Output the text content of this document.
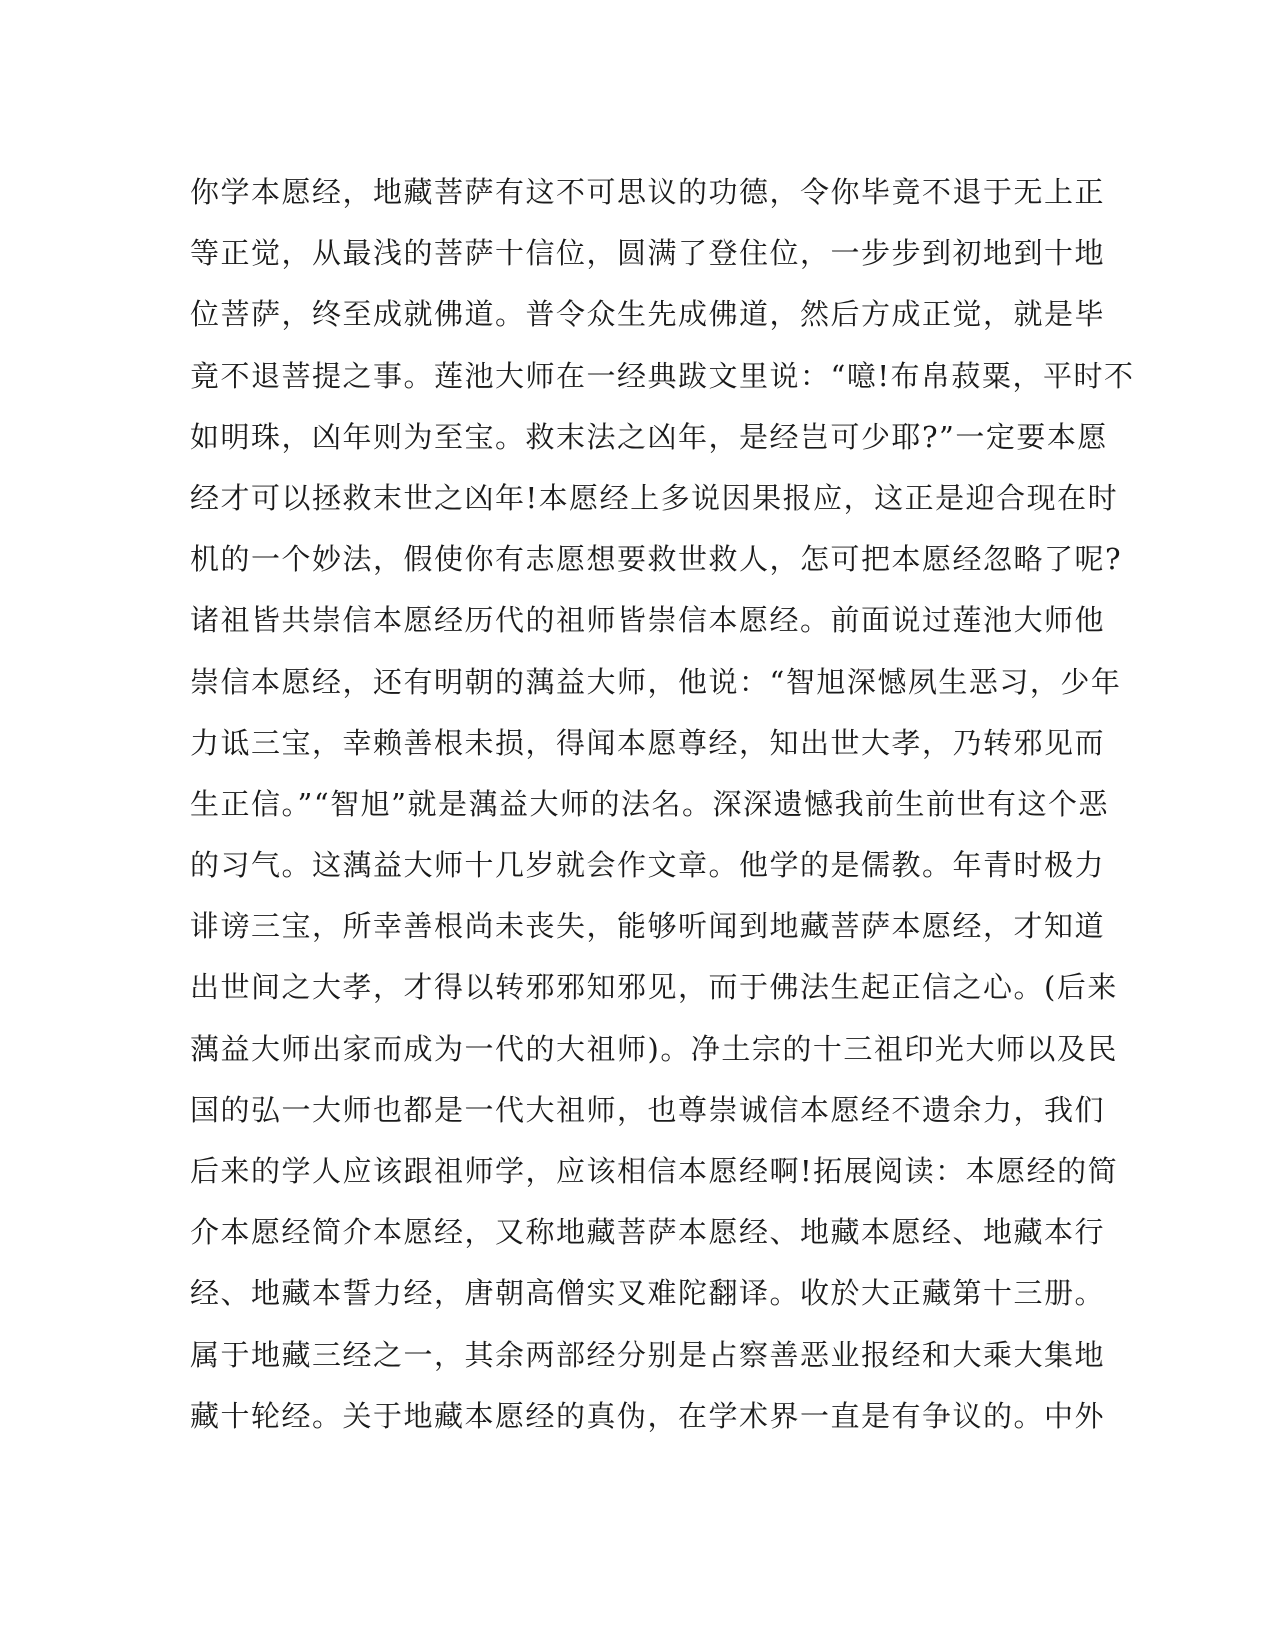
你学本愿经，地藏菩萨有这不可思议的功德，令你毕竟不退于无上正
等正觉，从最浅的菩萨十信位，圆满了登住位，一步步到初地到十地
位菩萨，终至成就佛道。普令众生先成佛道，然后方成正觉，就是毕
竟不退菩提之事。莲池大师在一经典跋文里说：“噫!布帛菽粟，平时不
如明珠，凶年则为至宝。救末法之凶年，是经岂可少耶?”一定要本愿
经才可以拯救末世之凶年!本愿经上多说因果报应，这正是迎合现在时
机的一个妙法，假使你有志愿想要救世救人，怎可把本愿经忽略了呢?
诸祖皆共崇信本愿经历代的祖师皆崇信本愿经。前面说过莲池大师他
崇信本愿经，还有明朝的蕅益大师，他说：“智旭深憾夙生恶习，少年
力诋三宝，幸赖善根未损，得闻本愿尊经，知出世大孝，乃转邪见而
生正信。”“智旭”就是蕅益大师的法名。深深遗憾我前生前世有这个恶
的习气。这蕅益大师十几岁就会作文章。他学的是儒教。年青时极力
诽谤三宝，所幸善根尚未丧失，能够听闻到地藏菩萨本愿经，才知道
出世间之大孝，才得以转邪邪知邪见，而于佛法生起正信之心。(后来
蕅益大师出家而成为一代的大祖师)。净土宗的十三祖印光大师以及民
国的弘一大师也都是一代大祖师，也尊崇诚信本愿经不遗余力，我们
后来的学人应该跟祖师学，应该相信本愿经啊!拓展阅读：本愿经的简
介本愿经简介本愿经，又称地藏菩萨本愿经、地藏本愿经、地藏本行
经、地藏本誓力经，唐朝高僧实叉难陀翻译。收於大正藏第十三册。
属于地藏三经之一，其余两部经分别是占察善恶业报经和大乘大集地
藏十轮经。关于地藏本愿经的真伪，在学术界一直是有争议的。中外
